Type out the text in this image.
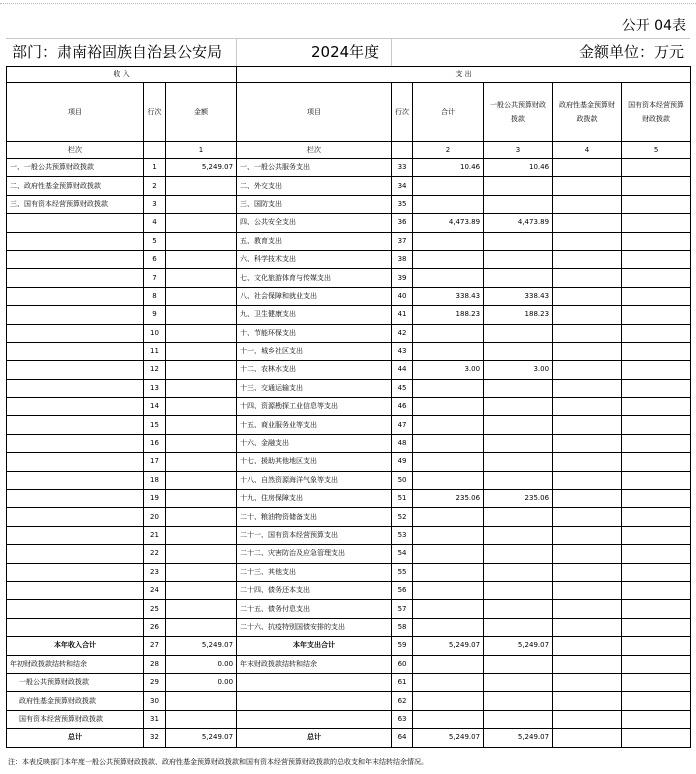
公开 04表
部门：肃南裕固族自治县公安局	2024年度	金额单位：万元
收 入			支 出					
项目	行次	金额	项目	行次	合计	一般公共预算财政拨款	政府性基金预算财政拨款	国有资本经营预算财政拨款
栏次		1	栏次		2	3	4	5
一、一般公共预算财政拨款	1	5,249.07	一、一般公共服务支出	33	10.46	10.46		
二、政府性基金预算财政拨款	2		二、外交支出	34				
三、国有资本经营预算财政拨款	3		三、国防支出	35				
	4		四、公共安全支出	36	4,473.89	4,473.89		
	5		五、教育支出	37				
	6		六、科学技术支出	38				
	7		七、文化旅游体育与传媒支出	39				
	8		八、社会保障和就业支出	40	338.43	338.43		
	9		九、卫生健康支出	41	188.23	188.23		
	10		十、节能环保支出	42				
	11		十一、城乡社区支出	43				
	12		十二、农林水支出	44	3.00	3.00		
	13		十三、交通运输支出	45				
	14		十四、资源勘探工业信息等支出	46				
	15		十五、商业服务业等支出	47				
	16		十六、金融支出	48				
	17		十七、援助其他地区支出	49				
	18		十八、自然资源海洋气象等支出	50				
	19		十九、住房保障支出	51	235.06	235.06		
	20		二十、粮油物资储备支出	52				
	21		二十一、国有资本经营预算支出	53				
	22		二十二、灾害防治及应急管理支出	54				
	23		二十三、其他支出	55				
	24		二十四、债务还本支出	56				
	25		二十五、债务付息支出	57				
	26		二十六、抗疫特别国债安排的支出	58				
本年收入合计	27	5,249.07	本年支出合计	59	5,249.07	5,249.07		
年初财政拨款结转和结余	28	0.00	年末财政拨款结转和结余	60				
一般公共预算财政拨款	29	0.00		61				
政府性基金预算财政拨款	30			62				
国有资本经营预算财政拨款	31			63				
总计	32	5,249.07	总计	64	5,249.07	5,249.07		
注：本表反映部门本年度一般公共预算财政拨款、政府性基金预算财政拨款和国有资本经营预算财政拨款的总收支和年末结转结余情况。
